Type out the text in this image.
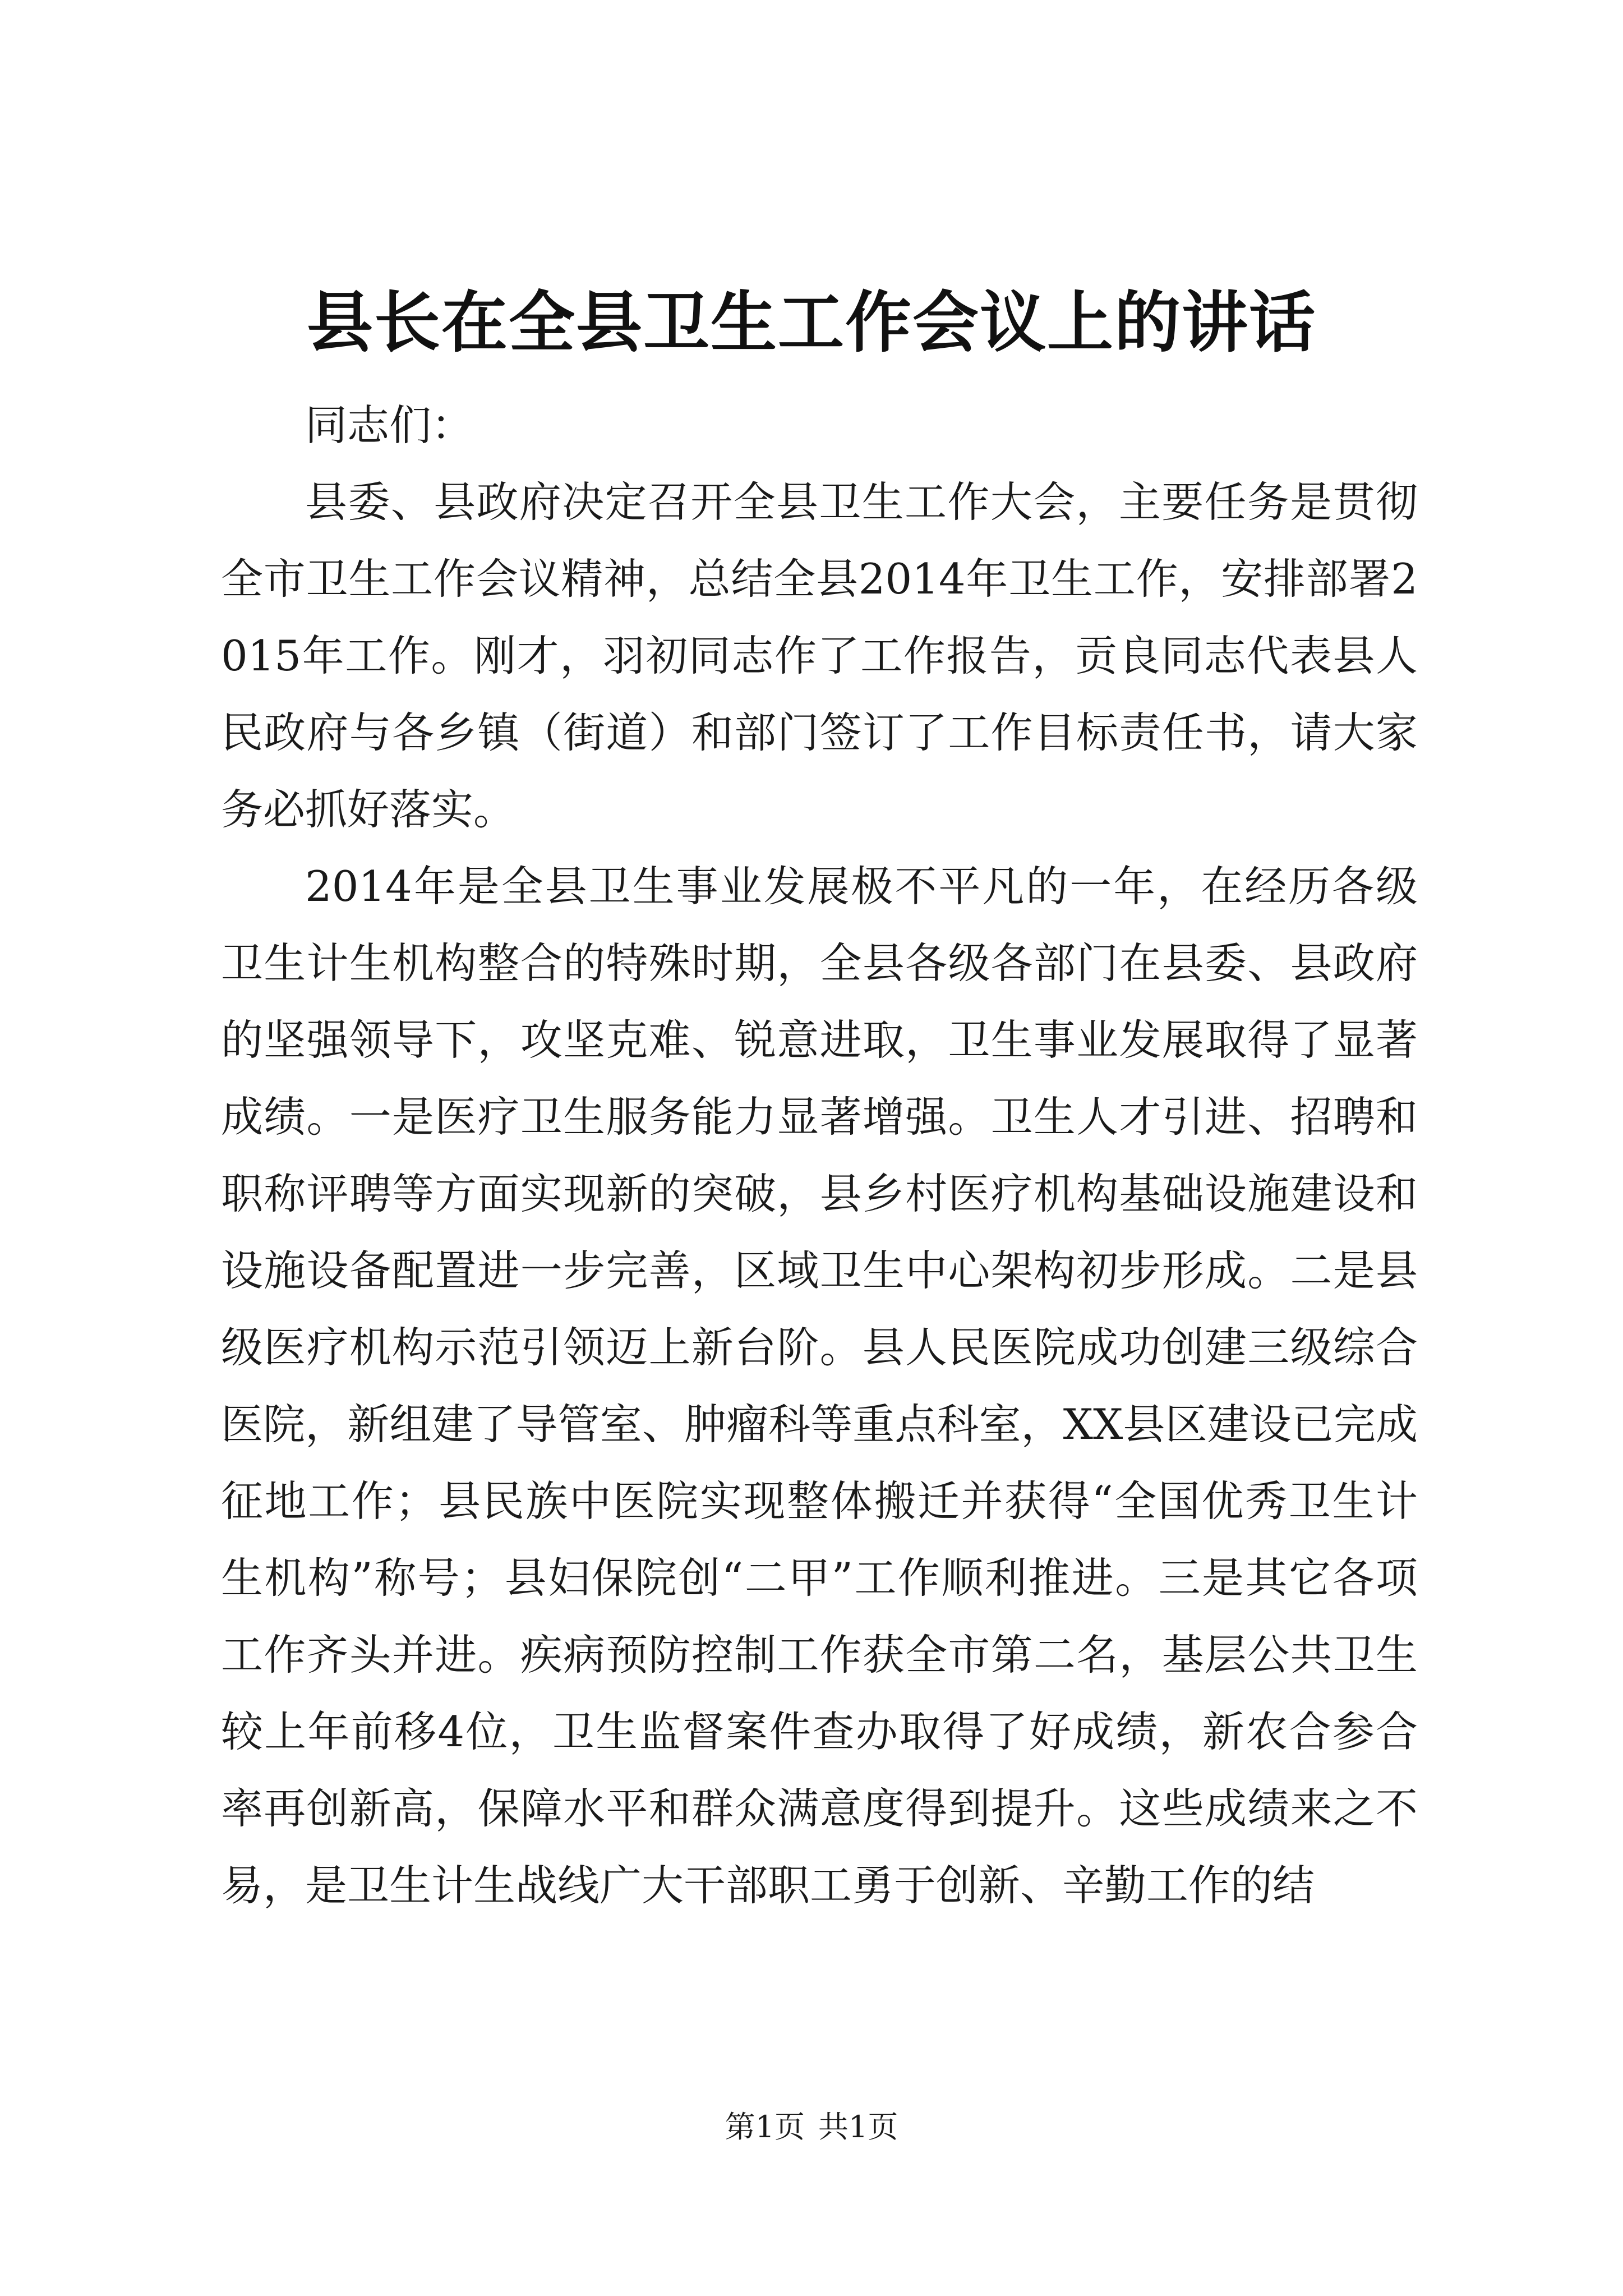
县长在全县卫生工作会议上的讲话

同志们：

县委、县政府决定召开全县卫生工作大会，主要任务是贯彻全市卫生工作会议精神，总结全县2014年卫生工作，安排部署2015年工作。刚才，羽初同志作了工作报告，贡良同志代表县人民政府与各乡镇（街道）和部门签订了工作目标责任书，请大家务必抓好落实。

2014年是全县卫生事业发展极不平凡的一年，在经历各级卫生计生机构整合的特殊时期，全县各级各部门在县委、县政府的坚强领导下，攻坚克难、锐意进取，卫生事业发展取得了显著成绩。一是医疗卫生服务能力显著增强。卫生人才引进、招聘和职称评聘等方面实现新的突破，县乡村医疗机构基础设施建设和设施设备配置进一步完善，区域卫生中心架构初步形成。二是县级医疗机构示范引领迈上新台阶。县人民医院成功创建三级综合医院，新组建了导管室、肿瘤科等重点科室，XX县区建设已完成征地工作；县民族中医院实现整体搬迁并获得“全国优秀卫生计生机构”称号；县妇保院创“二甲”工作顺利推进。三是其它各项工作齐头并进。疾病预防控制工作获全市第二名，基层公共卫生较上年前移4位，卫生监督案件查办取得了好成绩，新农合参合率再创新高，保障水平和群众满意度得到提升。这些成绩来之不易，是卫生计生战线广大干部职工勇于创新、辛勤工作的结

第1页 共1页
